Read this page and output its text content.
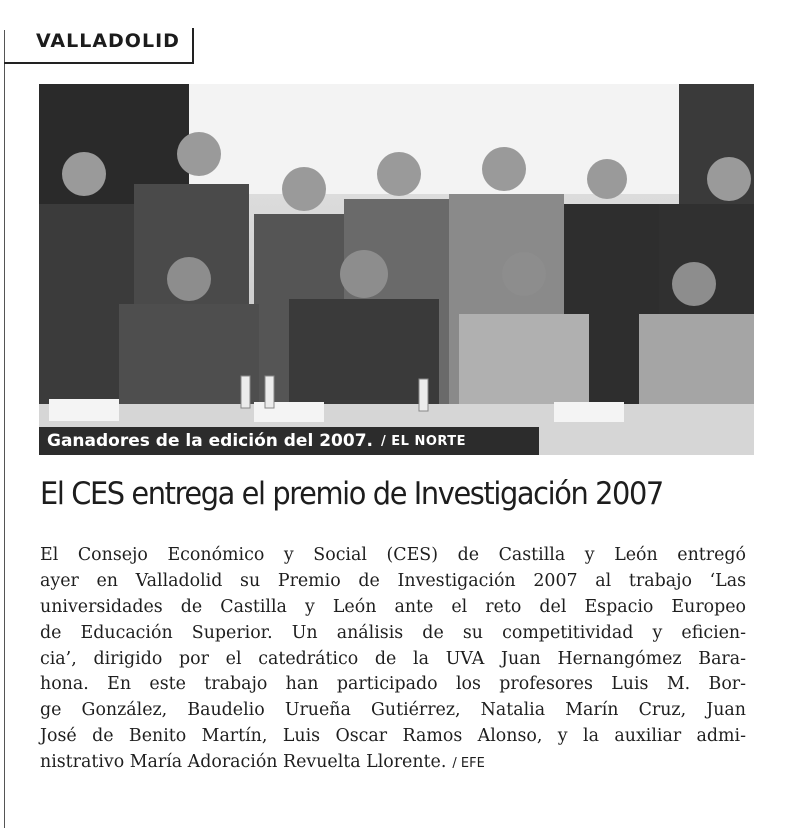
VALLADOLID
Ganadores de la edición del 2007. / EL NORTE
El CES entrega el premio de Investigación 2007
El Consejo Económico y Social (CES) de Castilla y León entregó
ayer en Valladolid su Premio de Investigación 2007 al trabajo ‘Las
universidades de Castilla y León ante el reto del Espacio Europeo
de Educación Superior. Un análisis de su competitividad y eficien-
cia’, dirigido por el catedrático de la UVA Juan Hernangómez Bara-
hona. En este trabajo han participado los profesores Luis M. Bor-
ge González, Baudelio Urueña Gutiérrez, Natalia Marín Cruz, Juan
José de Benito Martín, Luis Oscar Ramos Alonso, y la auxiliar admi-
nistrativo María Adoración Revuelta Llorente. / EFE
